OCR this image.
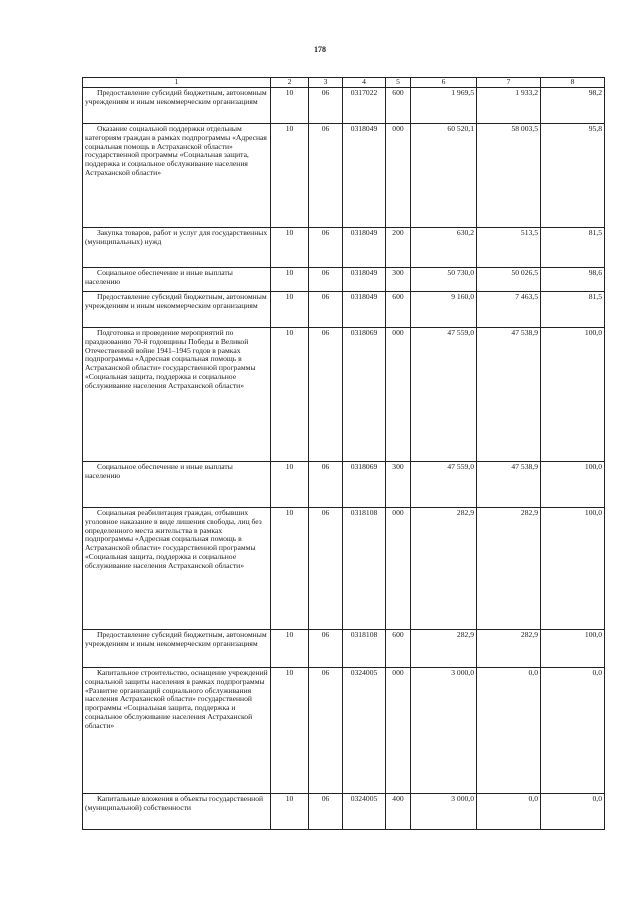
178
1	2	3	4	5	6	7	8
Предоставление субсидий бюджетным, автономным учреждениям и иным некоммерческим организациям	10	06	0317022	600	1 969,5	1 933,2	98,2
Оказание социальной поддержки отдельным категориям граждан в рамках подпрограммы «Адресная социальная помощь в Астраханской области» государственной программы «Социальная защита, поддержка и социальное обслуживание населения Астраханской области»	10	06	0318049	000	60 520,1	58 003,5	95,8
Закупка товаров, работ и услуг для государственных (муниципальных) нужд	10	06	0318049	200	630,2	513,5	81,5
Социальное обеспечение и иные выплаты населению	10	06	0318049	300	50 730,0	50 026,5	98,6
Предоставление субсидий бюджетным, автономным учреждениям и иным некоммерческим организациям	10	06	0318049	600	9 160,0	7 463,5	81,5
Подготовка и проведение мероприятий по празднованию 70-й годовщины Победы в Великой Отечественной войне 1941–1945 годов в рамках подпрограммы «Адресная социальная помощь в Астраханской области» государственной программы «Социальная защита, поддержка и социальное обслуживание населения Астраханской области»	10	06	0318069	000	47 559,0	47 538,9	100,0
Социальное обеспечение и иные выплаты населению	10	06	0318069	300	47 559,0	47 538,9	100,0
Социальная реабилитация граждан, отбывших уголовное наказание в виде лишения свободы, лиц без определенного места жительства в рамках подпрограммы «Адресная социальная помощь в Астраханской области» государственной программы «Социальная защита, поддержка и социальное обслуживание населения Астраханской области»	10	06	0318108	000	282,9	282,9	100,0
Предоставление субсидий бюджетным, автономным учреждениям и иным некоммерческим организациям	10	06	0318108	600	282,9	282,9	100,0
Капитальное строительство, оснащение учреждений социальной защиты населения в рамках подпрограммы «Развитие организаций социального обслуживания населения Астраханской области» государственной программы «Социальная защита, поддержка и социальное обслуживание населения Астраханской области»	10	06	0324005	000	3 000,0	0,0	0,0
Капитальные вложения в объекты государственной (муниципальной) собственности	10	06	0324005	400	3 000,0	0,0	0,0
